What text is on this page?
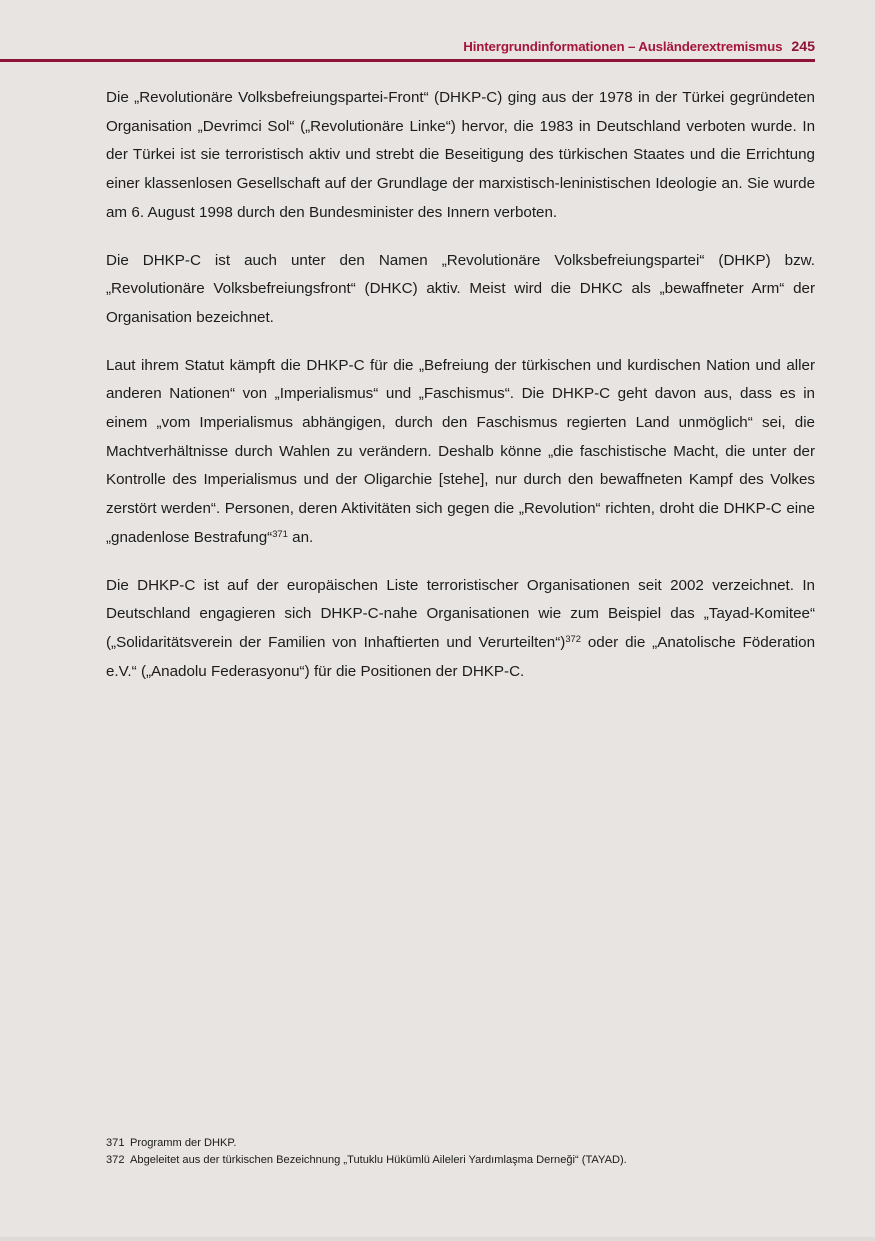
Hintergrundinformationen – Ausländerextremismus 245

Die „Revolutionäre Volksbefreiungspartei-Front“ (DHKP-C) ging aus der 1978 in der Türkei gegründeten Organisation „Devrimci Sol“ („Revolutionäre Linke“) hervor, die 1983 in Deutschland verboten wurde. In der Türkei ist sie terroristisch aktiv und strebt die Beseitigung des türkischen Staates und die Errichtung einer klassenlosen Gesellschaft auf der Grundlage der marxistisch-leninistischen Ideologie an. Sie wurde am 6. August 1998 durch den Bundesminister des Innern verboten.

Die DHKP-C ist auch unter den Namen „Revolutionäre Volksbefreiungspartei“ (DHKP) bzw. „Revolutionäre Volksbefreiungsfront“ (DHKC) aktiv. Meist wird die DHKC als „bewaffneter Arm“ der Organisation bezeichnet.

Laut ihrem Statut kämpft die DHKP-C für die „Befreiung der türkischen und kurdischen Nation und aller anderen Nationen“ von „Imperialismus“ und „Faschismus“. Die DHKP-C geht davon aus, dass es in einem „vom Imperialismus abhängigen, durch den Faschismus regierten Land unmöglich“ sei, die Machtverhältnisse durch Wahlen zu verändern. Deshalb könne „die faschistische Macht, die unter der Kontrolle des Imperialismus und der Oligarchie [stehe], nur durch den bewaffneten Kampf des Volkes zerstört werden“. Personen, deren Aktivitäten sich gegen die „Revolution“ richten, droht die DHKP-C eine „gnadenlose Bestrafung“$^{371}$ an.

Die DHKP-C ist auf der europäischen Liste terroristischer Organisationen seit 2002 verzeichnet. In Deutschland engagieren sich DHKP-C-nahe Organisationen wie zum Beispiel das „Tayad-Komitee“ („Solidaritätsverein der Familien von Inhaftierten und Verurteilten“)$^{372}$ oder die „Anatolische Föderation e.V.“ („Anadolu Federasyonu“) für die Positionen der DHKP-C.

371 Programm der DHKP.
372 Abgeleitet aus der türkischen Bezeichnung „Tutuklu Hükümlü Aileleri Yardımlaşma Derneği“ (TAYAD).
